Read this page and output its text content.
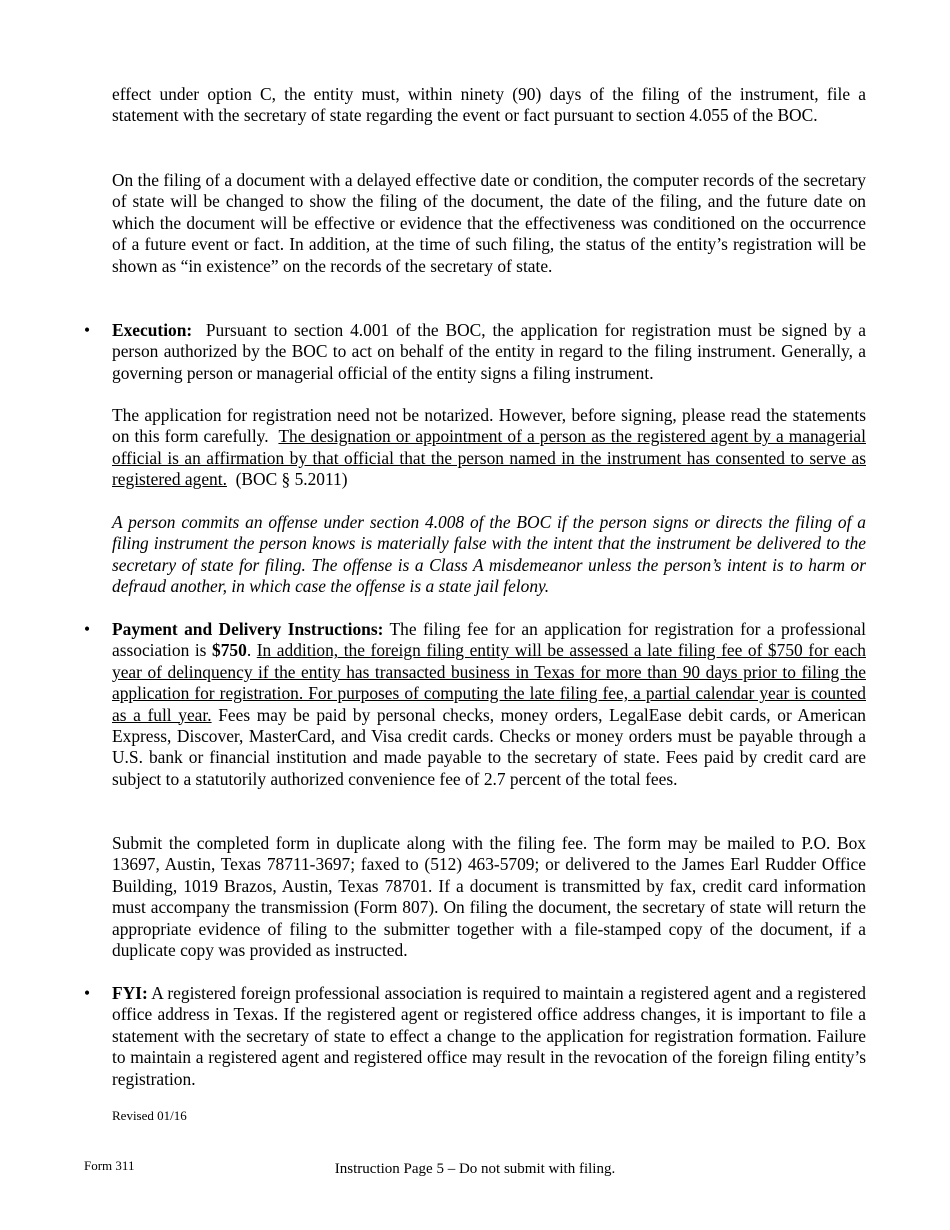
effect under option C, the entity must, within ninety (90) days of the filing of the instrument, file a statement with the secretary of state regarding the event or fact pursuant to section 4.055 of the BOC.

On the filing of a document with a delayed effective date or condition, the computer records of the secretary of state will be changed to show the filing of the document, the date of the filing, and the future date on which the document will be effective or evidence that the effectiveness was conditioned on the occurrence of a future event or fact. In addition, at the time of such filing, the status of the entity’s registration will be shown as “in existence” on the records of the secretary of state.

• Execution: Pursuant to section 4.001 of the BOC, the application for registration must be signed by a person authorized by the BOC to act on behalf of the entity in regard to the filing instrument. Generally, a governing person or managerial official of the entity signs a filing instrument.

The application for registration need not be notarized. However, before signing, please read the statements on this form carefully. The designation or appointment of a person as the registered agent by a managerial official is an affirmation by that official that the person named in the instrument has consented to serve as registered agent. (BOC § 5.2011)

A person commits an offense under section 4.008 of the BOC if the person signs or directs the filing of a filing instrument the person knows is materially false with the intent that the instrument be delivered to the secretary of state for filing. The offense is a Class A misdemeanor unless the person’s intent is to harm or defraud another, in which case the offense is a state jail felony.

• Payment and Delivery Instructions: The filing fee for an application for registration for a professional association is $750. In addition, the foreign filing entity will be assessed a late filing fee of $750 for each year of delinquency if the entity has transacted business in Texas for more than 90 days prior to filing the application for registration. For purposes of computing the late filing fee, a partial calendar year is counted as a full year. Fees may be paid by personal checks, money orders, LegalEase debit cards, or American Express, Discover, MasterCard, and Visa credit cards. Checks or money orders must be payable through a U.S. bank or financial institution and made payable to the secretary of state. Fees paid by credit card are subject to a statutorily authorized convenience fee of 2.7 percent of the total fees.

Submit the completed form in duplicate along with the filing fee. The form may be mailed to P.O. Box 13697, Austin, Texas 78711-3697; faxed to (512) 463-5709; or delivered to the James Earl Rudder Office Building, 1019 Brazos, Austin, Texas 78701. If a document is transmitted by fax, credit card information must accompany the transmission (Form 807). On filing the document, the secretary of state will return the appropriate evidence of filing to the submitter together with a file-stamped copy of the document, if a duplicate copy was provided as instructed.

• FYI: A registered foreign professional association is required to maintain a registered agent and a registered office address in Texas. If the registered agent or registered office address changes, it is important to file a statement with the secretary of state to effect a change to the application for registration formation. Failure to maintain a registered agent and registered office may result in the revocation of the foreign filing entity’s registration.

Revised 01/16
Form 311	Instruction Page 5 – Do not submit with filing.
